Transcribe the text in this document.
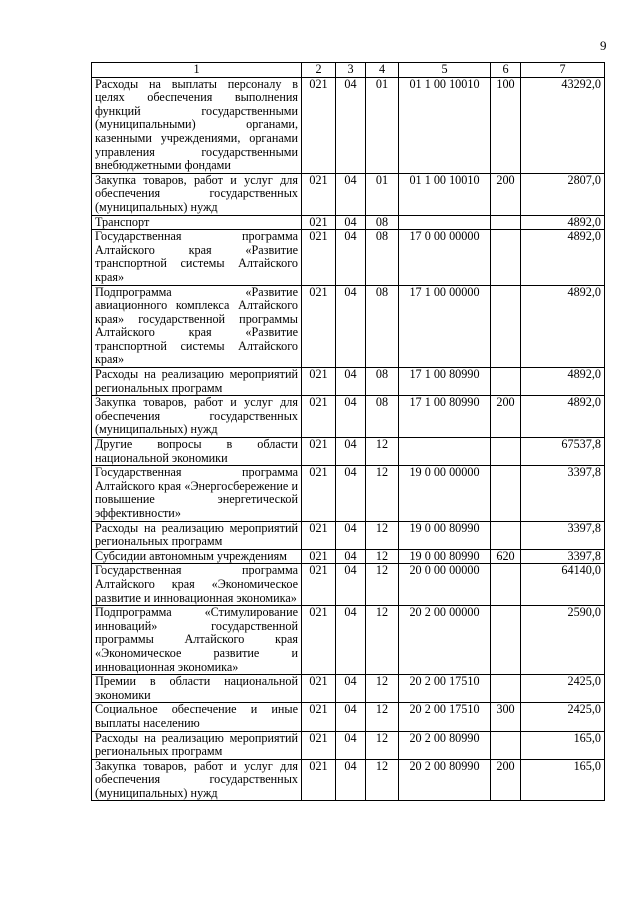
9
1	2	3	4	5	6	7
Расходы на выплаты персоналу в целях обеспечения выполнения функций государственными (муниципальными) органами, казенными учреждениями, органами управления государственными внебюджетными фондами	021	04	01	01 1 00 10010	100	43292,0
Закупка товаров, работ и услуг для обеспечения государственных (муниципальных) нужд	021	04	01	01 1 00 10010	200	2807,0
Транспорт	021	04	08			4892,0
Государственная программа Алтайского края «Развитие транспортной системы Алтайского края»	021	04	08	17 0 00 00000		4892,0
Подпрограмма «Развитие авиационного комплекса Алтайского края» государственной программы Алтайского края «Развитие транспортной системы Алтайского края»	021	04	08	17 1 00 00000		4892,0
Расходы на реализацию мероприятий региональных программ	021	04	08	17 1 00 80990		4892,0
Закупка товаров, работ и услуг для обеспечения государственных (муниципальных) нужд	021	04	08	17 1 00 80990	200	4892,0
Другие вопросы в области национальной экономики	021	04	12			67537,8
Государственная программа Алтайского края «Энергосбережение и повышение энергетической эффективности»	021	04	12	19 0 00 00000		3397,8
Расходы на реализацию мероприятий региональных программ	021	04	12	19 0 00 80990		3397,8
Субсидии автономным учреждениям	021	04	12	19 0 00 80990	620	3397,8
Государственная программа Алтайского края «Экономическое развитие и инновационная экономика»	021	04	12	20 0 00 00000		64140,0
Подпрограмма «Стимулирование инноваций» государственной программы Алтайского края «Экономическое развитие и инновационная экономика»	021	04	12	20 2 00 00000		2590,0
Премии в области национальной экономики	021	04	12	20 2 00 17510		2425,0
Социальное обеспечение и иные выплаты населению	021	04	12	20 2 00 17510	300	2425,0
Расходы на реализацию мероприятий региональных программ	021	04	12	20 2 00 80990		165,0
Закупка товаров, работ и услуг для обеспечения государственных (муниципальных) нужд	021	04	12	20 2 00 80990	200	165,0
